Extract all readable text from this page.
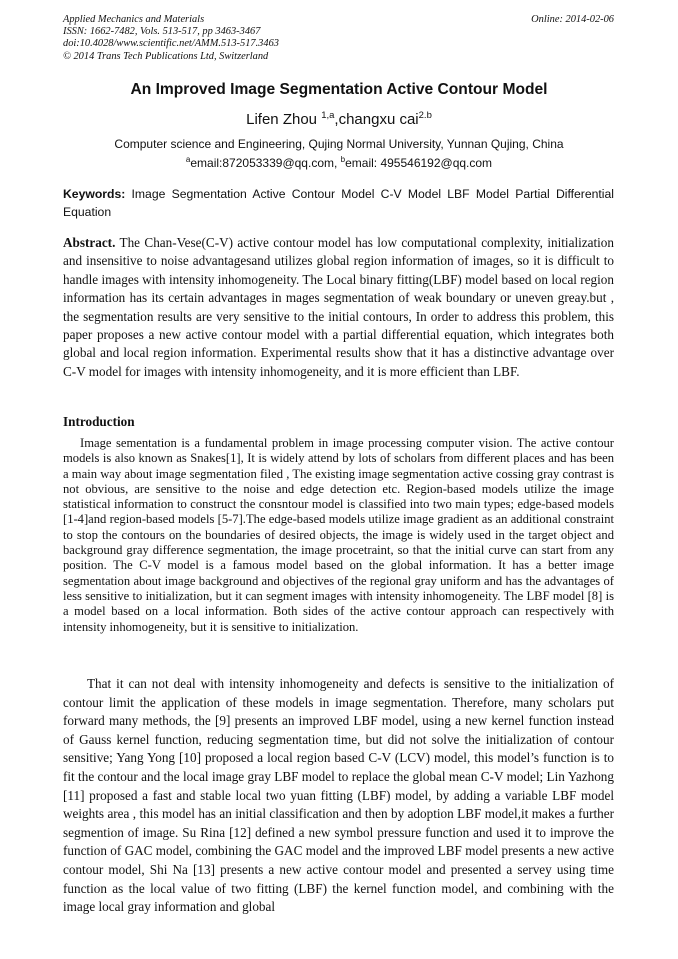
Applied Mechanics and Materials
ISSN: 1662-7482, Vols. 513-517, pp 3463-3467
doi:10.4028/www.scientific.net/AMM.513-517.3463
© 2014 Trans Tech Publications Ltd, Switzerland
Online: 2014-02-06
An Improved Image Segmentation Active Contour Model
Lifen Zhou $^{1,a}$,changxu cai$^{2.b}$
Computer science and Engineering, Qujing Normal University, Yunnan Qujing, China
$^a$email:872053339@qq.com, $^b$email: 495546192@qq.com
Keywords: Image Segmentation Active Contour Model C-V Model LBF Model Partial Differential Equation
Abstract. The Chan-Vese(C-V) active contour model has low computational complexity, initialization and insensitive to noise advantagesand utilizes global region information of images, so it is difficult to handle images with intensity inhomogeneity. The Local binary fitting(LBF) model based on local region information has its certain advantages in mages segmentation of weak boundary or uneven greay.but , the segmentation results are very sensitive to the initial contours, In order to address this problem, this paper proposes a new active contour model with a partial differential equation, which integrates both global and local region information. Experimental results show that it has a distinctive advantage over C-V model for images with intensity inhomogeneity, and it is more efficient than LBF.
Introduction
Image sementation is a fundamental problem in image processing computer vision. The active contour models is also known as Snakes[1], It is widely attend by lots of scholars from different places and has been a main way about image segmentation filed , The existing image segmentation active cossing gray contrast is not obvious, are sensitive to the noise and edge detection etc. Region-based models utilize the image statistical information to construct the consntour model is classified into two main types; edge-based models [1-4]and region-based models [5-7].The edge-based models utilize image gradient as an additional constraint to stop the contours on the boundaries of desired objects, the image is widely used in the target object and background gray difference segmentation, the image procetraint, so that the initial curve can start from any position. The C-V model is a famous model based on the global information. It has a better image segmentation about image background and objectives of the regional gray uniform and has the advantages of less sensitive to initialization, but it can segment images with intensity inhomogeneity. The LBF model [8] is a model based on a local information. Both sides of the active contour approach can respectively with intensity inhomogeneity, but it is sensitive to initialization.
That it can not deal with intensity inhomogeneity and defects is sensitive to the initialization of contour limit the application of these models in image segmentation. Therefore, many scholars put forward many methods, the [9] presents an improved LBF model, using a new kernel function instead of Gauss kernel function, reducing segmentation time, but did not solve the initialization of contour sensitive; Yang Yong [10] proposed a local region based C-V (LCV) model, this model’s function is to fit the contour and the local image gray LBF model to replace the global mean C-V model; Lin Yazhong [11] proposed a fast and stable local two yuan fitting (LBF) model, by adding a variable LBF model weights area , this model has an initial classification and then by adoption LBF model,it makes a further segmention of image. Su Rina [12] defined a new symbol pressure function and used it to improve the function of GAC model, combining the GAC model and the improved LBF model presents a new active contour model, Shi Na [13] presents a new active contour model and presented a servey using time function as the local value of two fitting (LBF) the kernel function model, and combining with the image local gray information and global
